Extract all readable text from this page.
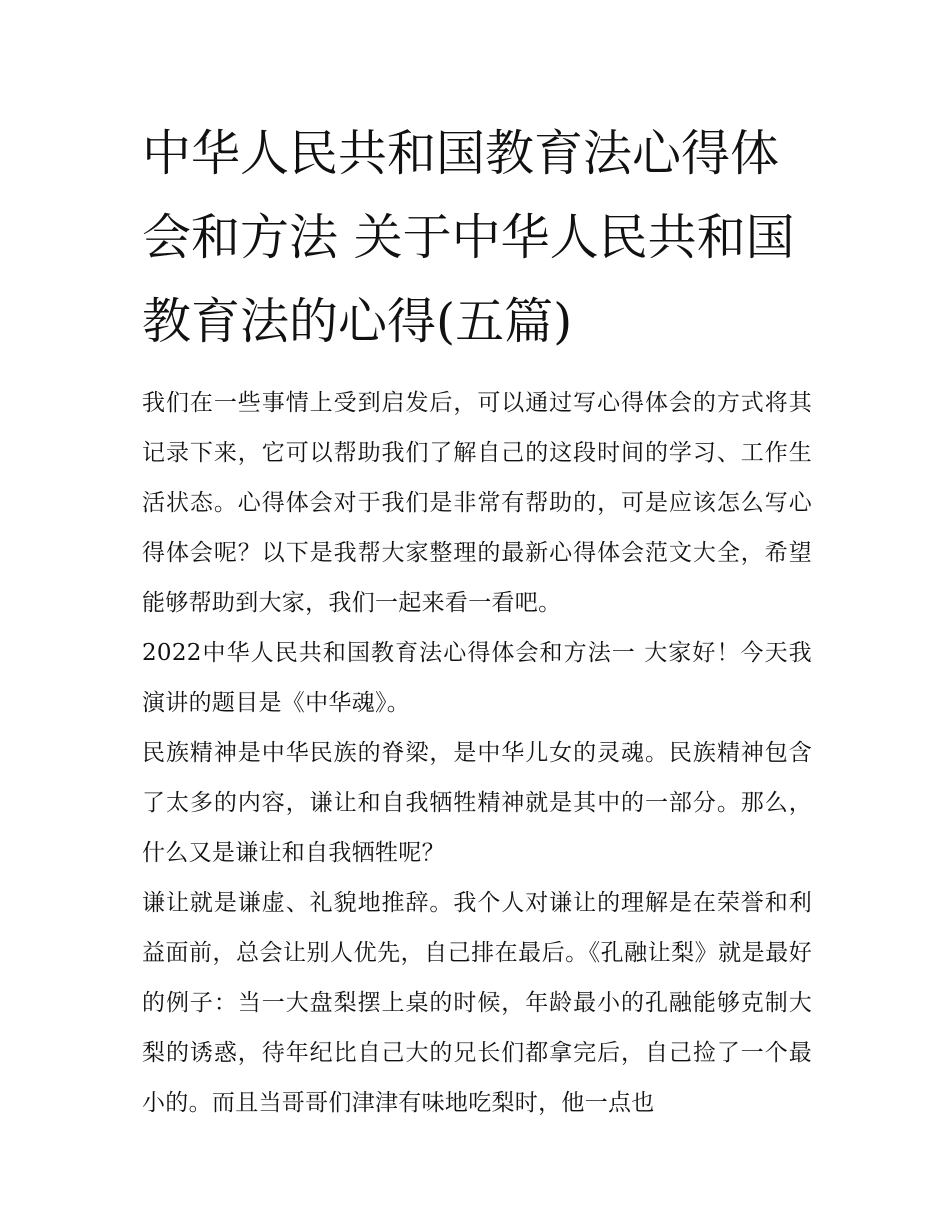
中华人民共和国教育法心得体会和方法 关于中华人民共和国教育法的心得(五篇)

我们在一些事情上受到启发后，可以通过写心得体会的方式将其记录下来，它可以帮助我们了解自己的这段时间的学习、工作生活状态。心得体会对于我们是非常有帮助的，可是应该怎么写心得体会呢？以下是我帮大家整理的最新心得体会范文大全，希望能够帮助到大家，我们一起来看一看吧。

2022中华人民共和国教育法心得体会和方法一 大家好！今天我演讲的题目是《中华魂》。

民族精神是中华民族的脊梁，是中华儿女的灵魂。民族精神包含了太多的内容，谦让和自我牺牲精神就是其中的一部分。那么，什么又是谦让和自我牺牲呢？

谦让就是谦虚、礼貌地推辞。我个人对谦让的理解是在荣誉和利益面前，总会让别人优先，自己排在最后。《孔融让梨》就是最好的例子：当一大盘梨摆上桌的时候，年龄最小的孔融能够克制大梨的诱惑，待年纪比自己大的兄长们都拿完后，自己捡了一个最小的。而且当哥哥们津津有味地吃梨时，他一点也
